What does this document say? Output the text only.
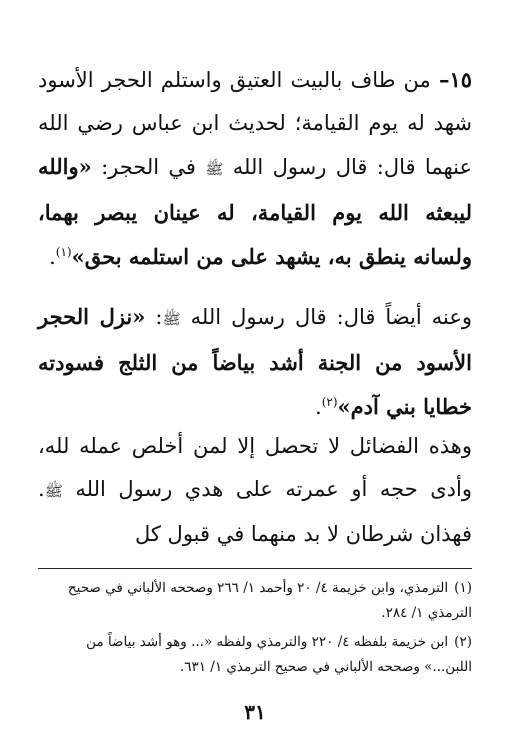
١٥– من طاف بالبيت العتيق واستلم الحجر الأسود شهد له يوم القيامة؛ لحديث ابن عباس رضي الله عنهما قال: قال رسول الله ﷺ في الحجر: «والله ليبعثه الله يوم القيامة، له عينان يبصر بهما، ولسانه ينطق به، يشهد على من استلمه بحق»$^{(١)}$.

وعنه أيضاً قال: قال رسول الله ﷺ: «نزل الحجر الأسود من الجنة أشد بياضاً من الثلج فسودته خطايا بني آدم»$^{(٢)}$.

وهذه الفضائل لا تحصل إلا لمن أخلص عمله لله، وأدى حجه أو عمرته على هدي رسول الله ﷺ. فهذان شرطان لا بد منهما في قبول كل

(١)الترمذي، وابن خزيمة ٤/ ٢٠ وأحمد ١/ ٢٦٦ وصححه الألباني في صحيح الترمذي ١/ ٢٨٤.
(٢)ابن خزيمة بلفظه ٤/ ٢٢٠ والترمذي ولفظه «... وهو أشد بياضاً من اللبن...» وصححه الألباني في صحيح الترمذي ١/ ٦٣١.
٣١
